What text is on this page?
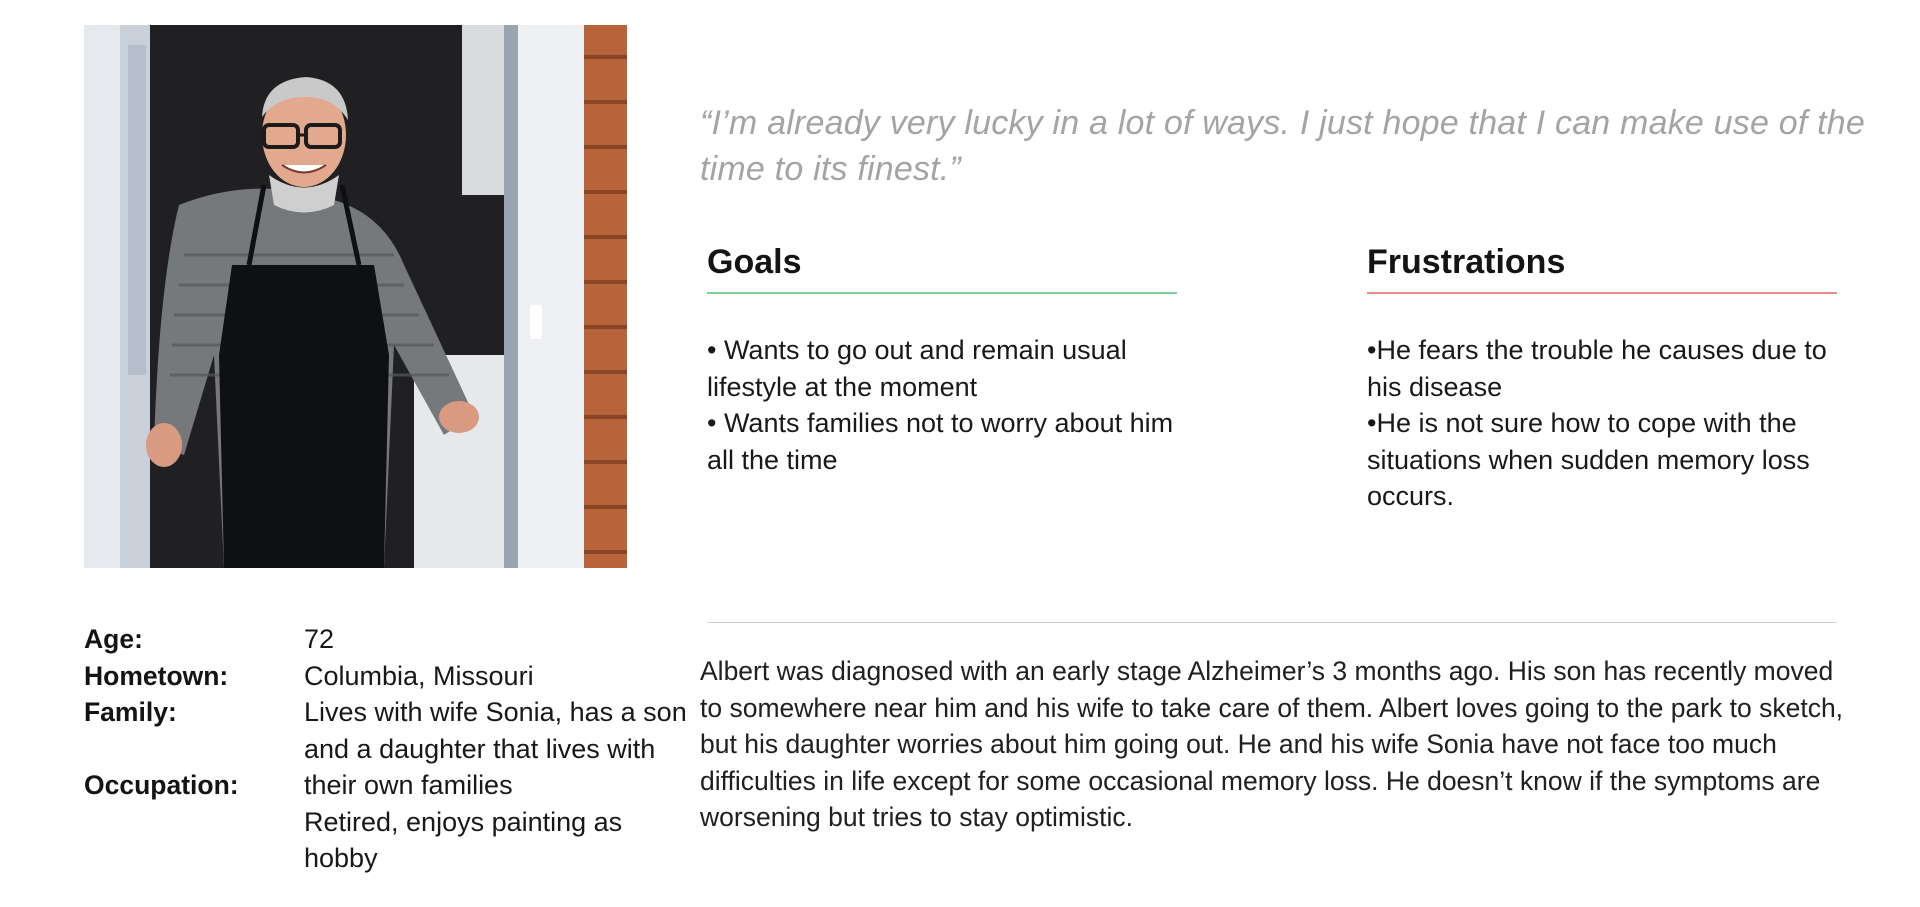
“I’m already very lucky in a lot of ways. I just hope that I can make use of the time to its finest.”

Goals
• Wants to go out and remain usual lifestyle at the moment
• Wants families not to worry about him all the time
Frustrations
•He fears the trouble he causes due to his disease
•He is not sure how to cope with the situations when sudden memory loss occurs.

Albert was diagnosed with an early stage Alzheimer’s 3 months ago. His son has recently moved to somewhere near him and his wife to take care of them. Albert loves going to the park to sketch, but his daughter worries about him going out. He and his wife Sonia have not face too much difficulties in life except for some occasional memory loss. He doesn’t know if the symptoms are worsening but tries to stay optimistic.

Age:	72
Hometown:	Columbia, Missouri
Family:	Lives with wife Sonia, has a son and a daughter that lives with their own families
Occupation:
Retired, enjoys painting as hobby
